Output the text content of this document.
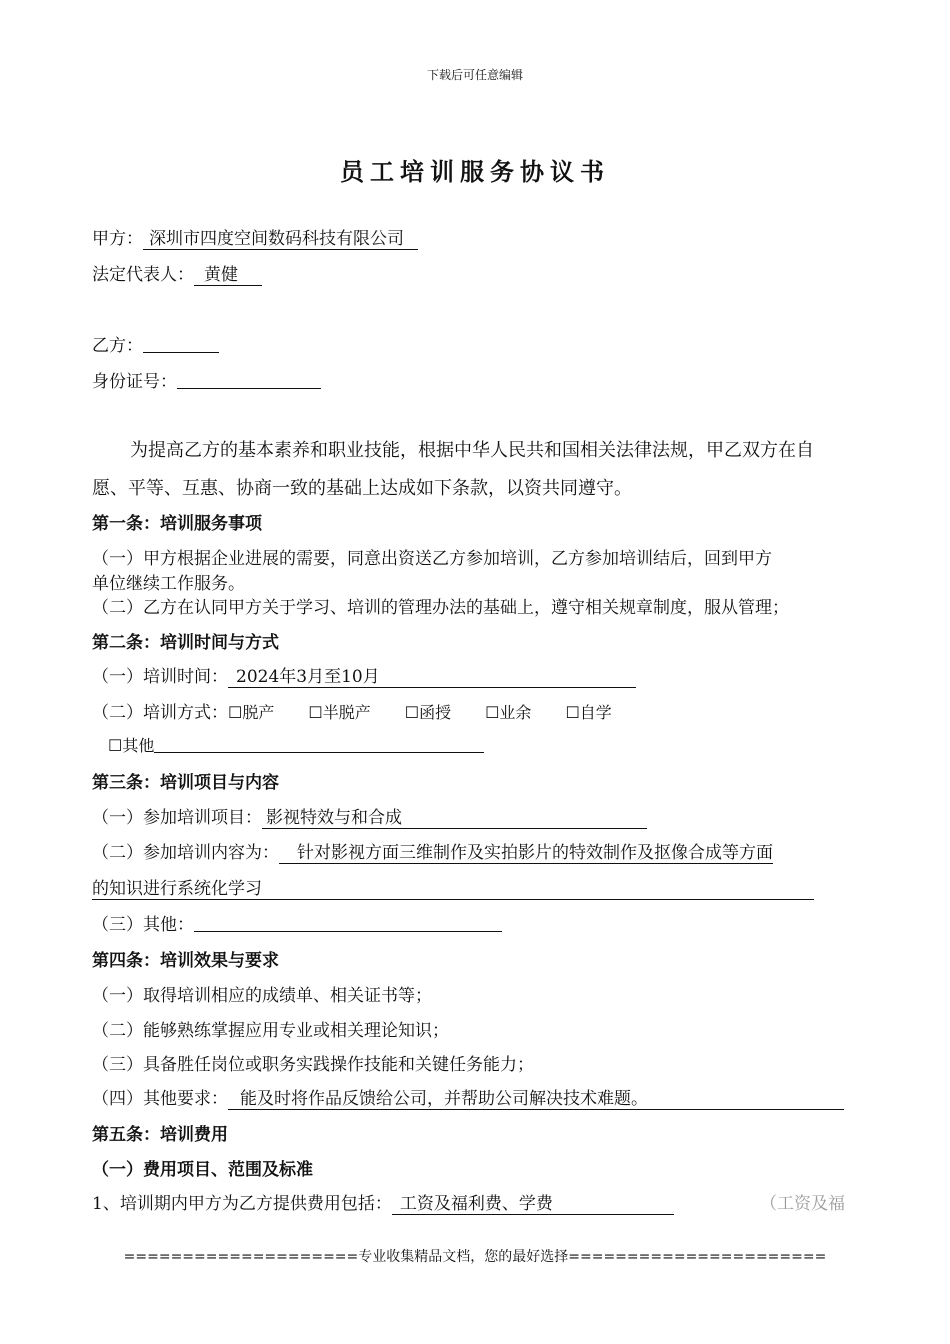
下载后可任意编辑
员工培训服务协议书
甲方： 深圳市四度空间数码科技有限公司
法定代表人： 黄健
乙方：
身份证号：
为提高乙方的基本素养和职业技能，根据中华人民共和国相关法律法规，甲乙双方在自
愿、平等、互惠、协商一致的基础上达成如下条款，以资共同遵守。
第一条：培训服务事项
（一）甲方根据企业进展的需要，同意出资送乙方参加培训，乙方参加培训结后，回到甲方
单位继续工作服务。
（二）乙方在认同甲方关于学习、培训的管理办法的基础上，遵守相关规章制度，服从管理；
第二条：培训时间与方式
（一）培训时间： 2024年3月至10月
（二）培训方式：☐脱产 ☐半脱产 ☐函授 ☐业余 ☐自学
☐其他
第三条：培训项目与内容
（一）参加培训项目： 影视特效与和合成
（二）参加培训内容为： 针对影视方面三维制作及实拍影片的特效制作及抠像合成等方面
的知识进行系统化学习
（三）其他：
第四条：培训效果与要求
（一）取得培训相应的成绩单、相关证书等；
（二）能够熟练掌握应用专业或相关理论知识；
（三）具备胜任岗位或职务实践操作技能和关键任务能力；
（四）其他要求： 能及时将作品反馈给公司，并帮助公司解决技术难题。
第五条：培训费用
（一）费用项目、范围及标准
1、培训期内甲方为乙方提供费用包括： 工资及福利费、学费	（工资及福
====================专业收集精品文档，您的最好选择======================
